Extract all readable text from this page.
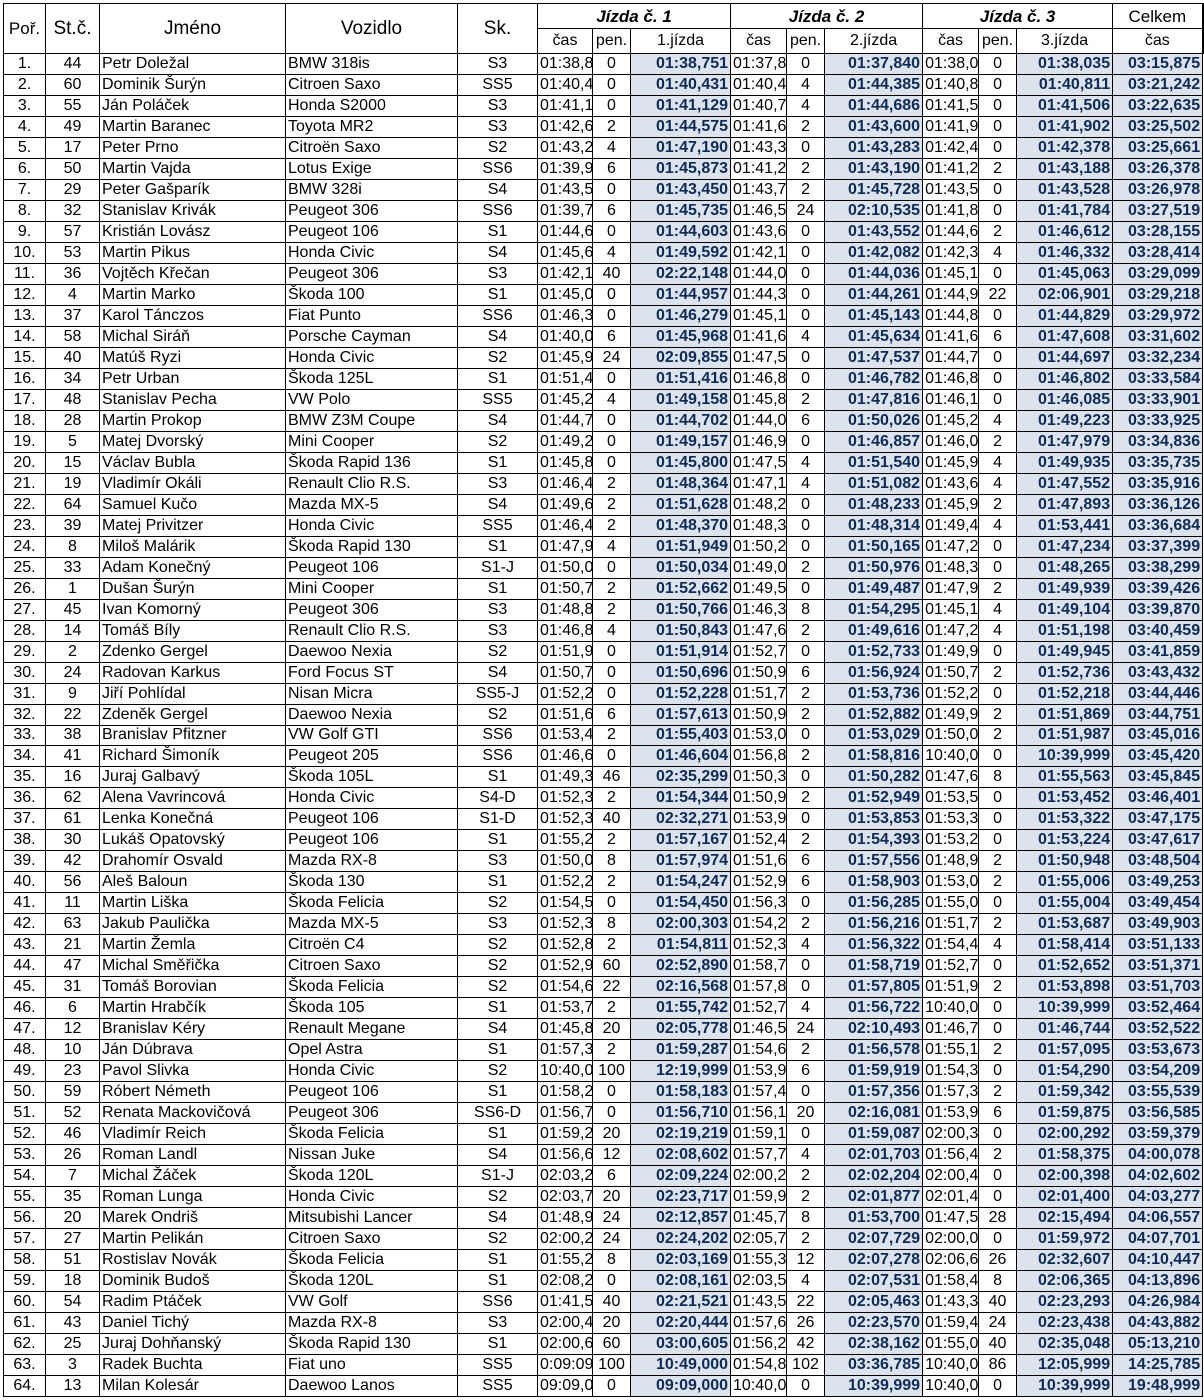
Poř.	St.č.	Jméno	Vozidlo	Sk.	Jízda č. 1			Jízda č. 2			Jízda č. 3			Celkem
					čas	pen.	1.jízda	čas	pen.	2.jízda	čas	pen.	3.jízda	čas
1.	44	Petr Doležal	BMW 318is	S3	01:38,8	0	01:38,751	01:37,8	0	01:37,840	01:38,0	0	01:38,035	03:15,875
2.	60	Dominik Šurýn	Citroen Saxo	SS5	01:40,4	0	01:40,431	01:40,4	4	01:44,385	01:40,8	0	01:40,811	03:21,242
3.	55	Ján Poláček	Honda S2000	S3	01:41,1	0	01:41,129	01:40,7	4	01:44,686	01:41,5	0	01:41,506	03:22,635
4.	49	Martin Baranec	Toyota MR2	S3	01:42,6	2	01:44,575	01:41,6	2	01:43,600	01:41,9	0	01:41,902	03:25,502
5.	17	Peter Prno	Citroën Saxo	S2	01:43,2	4	01:47,190	01:43,3	0	01:43,283	01:42,4	0	01:42,378	03:25,661
6.	50	Martin Vajda	Lotus Exige	SS6	01:39,9	6	01:45,873	01:41,2	2	01:43,190	01:41,2	2	01:43,188	03:26,378
7.	29	Peter Gašparík	BMW 328i	S4	01:43,5	0	01:43,450	01:43,7	2	01:45,728	01:43,5	0	01:43,528	03:26,978
8.	32	Stanislav Krivák	Peugeot 306	SS6	01:39,7	6	01:45,735	01:46,5	24	02:10,535	01:41,8	0	01:41,784	03:27,519
9.	57	Kristián Lovász	Peugeot 106	S1	01:44,6	0	01:44,603	01:43,6	0	01:43,552	01:44,6	2	01:46,612	03:28,155
10.	53	Martin Pikus	Honda Civic	S4	01:45,6	4	01:49,592	01:42,1	0	01:42,082	01:42,3	4	01:46,332	03:28,414
11.	36	Vojtěch Křečan	Peugeot 306	S3	01:42,1	40	02:22,148	01:44,0	0	01:44,036	01:45,1	0	01:45,063	03:29,099
12.	4	Martin Marko	Škoda 100	S1	01:45,0	0	01:44,957	01:44,3	0	01:44,261	01:44,9	22	02:06,901	03:29,218
13.	37	Karol Tánczos	Fiat Punto	SS6	01:46,3	0	01:46,279	01:45,1	0	01:45,143	01:44,8	0	01:44,829	03:29,972
14.	58	Michal Siráň	Porsche Cayman	S4	01:40,0	6	01:45,968	01:41,6	4	01:45,634	01:41,6	6	01:47,608	03:31,602
15.	40	Matúš Ryzi	Honda Civic	S2	01:45,9	24	02:09,855	01:47,5	0	01:47,537	01:44,7	0	01:44,697	03:32,234
16.	34	Petr Urban	Škoda 125L	S1	01:51,4	0	01:51,416	01:46,8	0	01:46,782	01:46,8	0	01:46,802	03:33,584
17.	48	Stanislav Pecha	VW Polo	SS5	01:45,2	4	01:49,158	01:45,8	2	01:47,816	01:46,1	0	01:46,085	03:33,901
18.	28	Martin Prokop	BMW Z3M Coupe	S4	01:44,7	0	01:44,702	01:44,0	6	01:50,026	01:45,2	4	01:49,223	03:33,925
19.	5	Matej Dvorský	Mini Cooper	S2	01:49,2	0	01:49,157	01:46,9	0	01:46,857	01:46,0	2	01:47,979	03:34,836
20.	15	Václav Bubla	Škoda Rapid 136	S1	01:45,8	0	01:45,800	01:47,5	4	01:51,540	01:45,9	4	01:49,935	03:35,735
21.	19	Vladimír Okáli	Renault Clio R.S.	S3	01:46,4	2	01:48,364	01:47,1	4	01:51,082	01:43,6	4	01:47,552	03:35,916
22.	64	Samuel Kučo	Mazda MX-5	S4	01:49,6	2	01:51,628	01:48,2	0	01:48,233	01:45,9	2	01:47,893	03:36,126
23.	39	Matej Privitzer	Honda Civic	SS5	01:46,4	2	01:48,370	01:48,3	0	01:48,314	01:49,4	4	01:53,441	03:36,684
24.	8	Miloš Malárik	Škoda Rapid 130	S1	01:47,9	4	01:51,949	01:50,2	0	01:50,165	01:47,2	0	01:47,234	03:37,399
25.	33	Adam Konečný	Peugeot 106	S1-J	01:50,0	0	01:50,034	01:49,0	2	01:50,976	01:48,3	0	01:48,265	03:38,299
26.	1	Dušan Šurýn	Mini Cooper	S1	01:50,7	2	01:52,662	01:49,5	0	01:49,487	01:47,9	2	01:49,939	03:39,426
27.	45	Ivan Komorný	Peugeot 306	S3	01:48,8	2	01:50,766	01:46,3	8	01:54,295	01:45,1	4	01:49,104	03:39,870
28.	14	Tomáš Bíly	Renault Clio R.S.	S3	01:46,8	4	01:50,843	01:47,6	2	01:49,616	01:47,2	4	01:51,198	03:40,459
29.	2	Zdenko Gergel	Daewoo Nexia	S2	01:51,9	0	01:51,914	01:52,7	0	01:52,733	01:49,9	0	01:49,945	03:41,859
30.	24	Radovan Karkus	Ford Focus ST	S4	01:50,7	0	01:50,696	01:50,9	6	01:56,924	01:50,7	2	01:52,736	03:43,432
31.	9	Jiří Pohlídal	Nisan Micra	SS5-J	01:52,2	0	01:52,228	01:51,7	2	01:53,736	01:52,2	0	01:52,218	03:44,446
32.	22	Zdeněk Gergel	Daewoo Nexia	S2	01:51,6	6	01:57,613	01:50,9	2	01:52,882	01:49,9	2	01:51,869	03:44,751
33.	38	Branislav Pfitzner	VW Golf GTI	SS6	01:53,4	2	01:55,403	01:53,0	0	01:53,029	01:50,0	2	01:51,987	03:45,016
34.	41	Richard Šimoník	Peugeot 205	SS6	01:46,6	0	01:46,604	01:56,8	2	01:58,816	10:40,0	0	10:39,999	03:45,420
35.	16	Juraj Galbavý	Škoda 105L	S1	01:49,3	46	02:35,299	01:50,3	0	01:50,282	01:47,6	8	01:55,563	03:45,845
36.	62	Alena Vavrincová	Honda Civic	S4-D	01:52,3	2	01:54,344	01:50,9	2	01:52,949	01:53,5	0	01:53,452	03:46,401
37.	61	Lenka Konečná	Peugeot 106	S1-D	01:52,3	40	02:32,271	01:53,9	0	01:53,853	01:53,3	0	01:53,322	03:47,175
38.	30	Lukáš Opatovský	Peugeot 106	S1	01:55,2	2	01:57,167	01:52,4	2	01:54,393	01:53,2	0	01:53,224	03:47,617
39.	42	Drahomír Osvald	Mazda RX-8	S3	01:50,0	8	01:57,974	01:51,6	6	01:57,556	01:48,9	2	01:50,948	03:48,504
40.	56	Aleš Baloun	Škoda 130	S1	01:52,2	2	01:54,247	01:52,9	6	01:58,903	01:53,0	2	01:55,006	03:49,253
41.	11	Martin Liška	Škoda Felicia	S2	01:54,5	0	01:54,450	01:56,3	0	01:56,285	01:55,0	0	01:55,004	03:49,454
42.	63	Jakub Paulička	Mazda MX-5	S3	01:52,3	8	02:00,303	01:54,2	2	01:56,216	01:51,7	2	01:53,687	03:49,903
43.	21	Martin Žemla	Citroën C4	S2	01:52,8	2	01:54,811	01:52,3	4	01:56,322	01:54,4	4	01:58,414	03:51,133
44.	47	Michal Směřička	Citroen Saxo	S2	01:52,9	60	02:52,890	01:58,7	0	01:58,719	01:52,7	0	01:52,652	03:51,371
45.	31	Tomáš Borovian	Škoda Felicia	S2	01:54,6	22	02:16,568	01:57,8	0	01:57,805	01:51,9	2	01:53,898	03:51,703
46.	6	Martin Hrabčík	Škoda 105	S1	01:53,7	2	01:55,742	01:52,7	4	01:56,722	10:40,0	0	10:39,999	03:52,464
47.	12	Branislav Kéry	Renault Megane	S4	01:45,8	20	02:05,778	01:46,5	24	02:10,493	01:46,7	0	01:46,744	03:52,522
48.	10	Ján Dúbrava	Opel Astra	S1	01:57,3	2	01:59,287	01:54,6	2	01:56,578	01:55,1	2	01:57,095	03:53,673
49.	23	Pavol Slivka	Honda Civic	S2	10:40,0	100	12:19,999	01:53,9	6	01:59,919	01:54,3	0	01:54,290	03:54,209
50.	59	Róbert Németh	Peugeot 106	S1	01:58,2	0	01:58,183	01:57,4	0	01:57,356	01:57,3	2	01:59,342	03:55,539
51.	52	Renata Mackovičová	Peugeot 306	SS6-D	01:56,7	0	01:56,710	01:56,1	20	02:16,081	01:53,9	6	01:59,875	03:56,585
52.	46	Vladimír Reich	Škoda Felicia	S1	01:59,2	20	02:19,219	01:59,1	0	01:59,087	02:00,3	0	02:00,292	03:59,379
53.	26	Roman Landl	Nissan Juke	S4	01:56,6	12	02:08,602	01:57,7	4	02:01,703	01:56,4	2	01:58,375	04:00,078
54.	7	Michal Žáček	Škoda 120L	S1-J	02:03,2	6	02:09,224	02:00,2	2	02:02,204	02:00,4	0	02:00,398	04:02,602
55.	35	Roman Lunga	Honda Civic	S2	02:03,7	20	02:23,717	01:59,9	2	02:01,877	02:01,4	0	02:01,400	04:03,277
56.	20	Marek Ondriš	Mitsubishi Lancer	S4	01:48,9	24	02:12,857	01:45,7	8	01:53,700	01:47,5	28	02:15,494	04:06,557
57.	27	Martin Pelikán	Citroen Saxo	S2	02:00,2	24	02:24,202	02:05,7	2	02:07,729	02:00,0	0	01:59,972	04:07,701
58.	51	Rostislav Novák	Škoda Felicia	S1	01:55,2	8	02:03,169	01:55,3	12	02:07,278	02:06,6	26	02:32,607	04:10,447
59.	18	Dominik Budoš	Škoda 120L	S1	02:08,2	0	02:08,161	02:03,5	4	02:07,531	01:58,4	8	02:06,365	04:13,896
60.	54	Radim Ptáček	VW Golf	SS6	01:41,5	40	02:21,521	01:43,5	22	02:05,463	01:43,3	40	02:23,293	04:26,984
61.	43	Daniel Tichý	Mazda RX-8	S3	02:00,4	20	02:20,444	01:57,6	26	02:23,570	01:59,4	24	02:23,438	04:43,882
62.	25	Juraj Dohňanský	Škoda Rapid 130	S1	02:00,6	60	03:00,605	01:56,2	42	02:38,162	01:55,0	40	02:35,048	05:13,210
63.	3	Radek Buchta	Fiat uno	SS5	0:09:09	100	10:49,000	01:54,8	102	03:36,785	10:40,0	86	12:05,999	14:25,785
64.	13	Milan Kolesár	Daewoo Lanos	SS5	09:09,0	0	09:09,000	10:40,0	0	10:39,999	10:40,0	0	10:39,999	19:48,999
